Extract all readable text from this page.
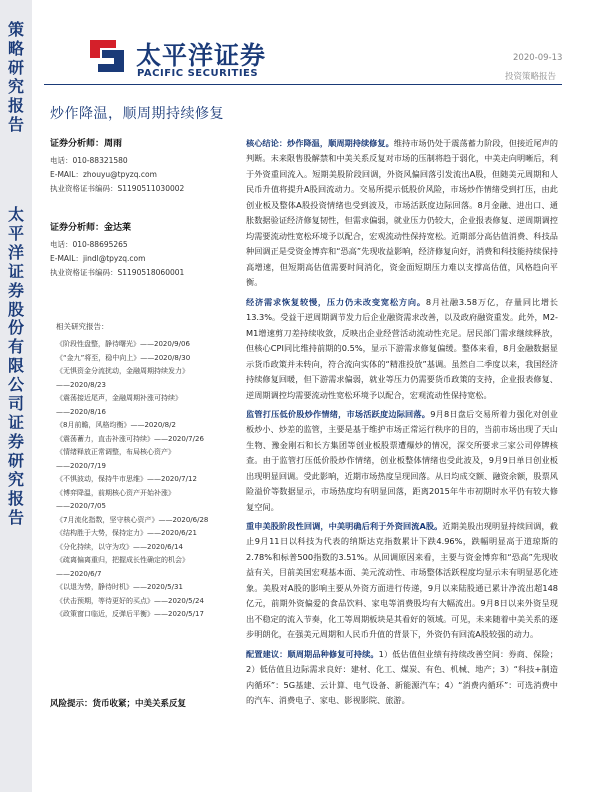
策
略
研
究
报
告
太
平
洋
证
券
股
份
有
限
公
司
证
券
研
究
报
告
太平洋证券
PACIFIC SECURITIES
2020-09-13
投资策略报告
炒作降温，顺周期持续修复
证券分析师：周雨
电话：010-88321580
E-MAIL：zhouyu@tpyzq.com
执业资格证书编码：S1190511030002
证券分析师：金达莱
电话：010-88695265
E-MAIL：jindl@tpyzq.com
执业资格证书编码：S1190518060001
相关研究报告：
《阶段性盘整，静待曙光》——2020/9/06
《“金九”将至，稳中向上》——2020/8/30
《无惧资金分流扰动，金融周期持续发力》
——2020/8/23
《震荡接近尾声，金融周期补涨可持续》
——2020/8/16
《8月前瞻，风格均衡》——2020/8/2
《震荡蓄力，直击补涨可持续》——2020/7/26
《情绪释放正常调整，布局核心资产》
——2020/7/19
《不惧波动，保持牛市思维》——2020/7/12
《博弈降温，前期核心资产开始补涨》
——2020/7/05
《7月流化指数，坚守核心资产》——2020/6/28
《结构胜于大势，保持定力》——2020/6/21
《分化持续，以守为攻》——2020/6/14
《疏离偏离重归，把握成长性确定的机会》
——2020/6/7
《以退为势，静待时机》——2020/5/31
《伏击预期，等待更好的买点》——2020/5/24
《政策窗口临近，反弹后平衡》——2020/5/17
风险提示：货币收紧；中美关系反复
核心结论：炒作降温，顺周期持续修复。维持市场仍处于震荡蓄力阶段，但接近尾声的判断。未来限售股解禁和中美关系反复对市场的压制将趋于弱化，中美走向明晰后，利于外资重回流入。短期美股阶段回调，外资风偏回落引发流出A股，但随美元周期和人民币升值将提升A股回流动力。交易所提示低股价风险，市场炒作情绪受到打压，由此创业板及整体A股投资情绪也受到波及，市场活跃度边际回落。8月金融、进出口、通胀数据验证经济修复韧性，但需求偏弱，就业压力仍较大，企业报表修复、逆周期调控均需要流动性宽松环境予以配合，宏观流动性保持宽松。近期部分高估值消费、科技品种回调正是受资金博弈和“恐高”先现收益影响，经济修复向好，消费和科技能持续保持高增速，但短期高估值需要时间消化，资金面短期压力难以支撑高估值，风格趋向平衡。
经济需求恢复较慢，压力仍未改变宽松方向。8月社融3.58万亿，存量同比增长13.3%。受益于逆周期调节发力后企业融资需求改善，以及政府融资重发。此外，M2-M1增速剪刀差持续收敛，反映出企业经营活动流动性充足。居民部门需求继续释放，但核心CPI同比维持前期的0.5%，显示下游需求修复偏缓。整体来看，8月金融数据显示货币政策并未转向，符合流向实体的“精准投放”基调。虽然自二季度以来，我国经济持续修复回暖，但下游需求偏弱，就业等压力仍需要货币政策的支持，企业报表修复、逆周期调控均需要流动性宽松环境予以配合，宏观流动性保持宽松。
监管打压低价股炒作情绪，市场活跃度边际回落。9月8日盘后交易所着力强化对创业板炒小、炒差的监管，主要是基于维护市场正常运行秩序的目的，当前市场出现了天山生物、豫金刚石和长方集团等创业板股票遭爆炒的情况，深交所要求三家公司停牌核查。由于监管打压低价股炒作情绪，创业板整体情绪也受此波及，9月9日单日创业板出现明显回调。受此影响，近期市场热度呈现回落。从日均成交额、融资余额，股票风险溢价等数据显示，市场热度均有明显回落，距离2015年牛市初期时水平仍有较大修复空间。
重申美股阶段性回调，中美明确后利于外资回流A股。近期美股出现明显持续回调，截止9月11日以科技为代表的纳斯达克指数累计下跌4.96%，跌幅明显高于道琼斯的2.78%和标普500指数的3.51%。从回调原因来看，主要与资金博弈和“恐高”先现收益有关，目前美国宏观基本面、美元流动性、市场整体活跃程度均显示未有明显恶化迹象。美股对A股的影响主要从外资方面进行传递，9月以来陆股通已累计净流出超148亿元，前期外资偏爱的食品饮料、家电等消费股均有大幅流出。9月8日以来外资呈现出不稳定的流入节奏，化工等周期板块是其看好的领域。可见，未来随着中美关系的逐步明朗化，在强美元周期和人民币升值的背景下，外资仍有回流A股较强的动力。
配置建议：顺周期品种修复可持续。1）低估值但业绩有持续改善空间：券商、保险；2）低估值且边际需求良好：建材、化工、煤炭、有色、机械、地产；3）“科技+制造内循环”：5G基建、云计算、电气设备、新能源汽车；4）“消费内循环”：可选消费中的汽车、消费电子、家电、影视影院、旅游。
